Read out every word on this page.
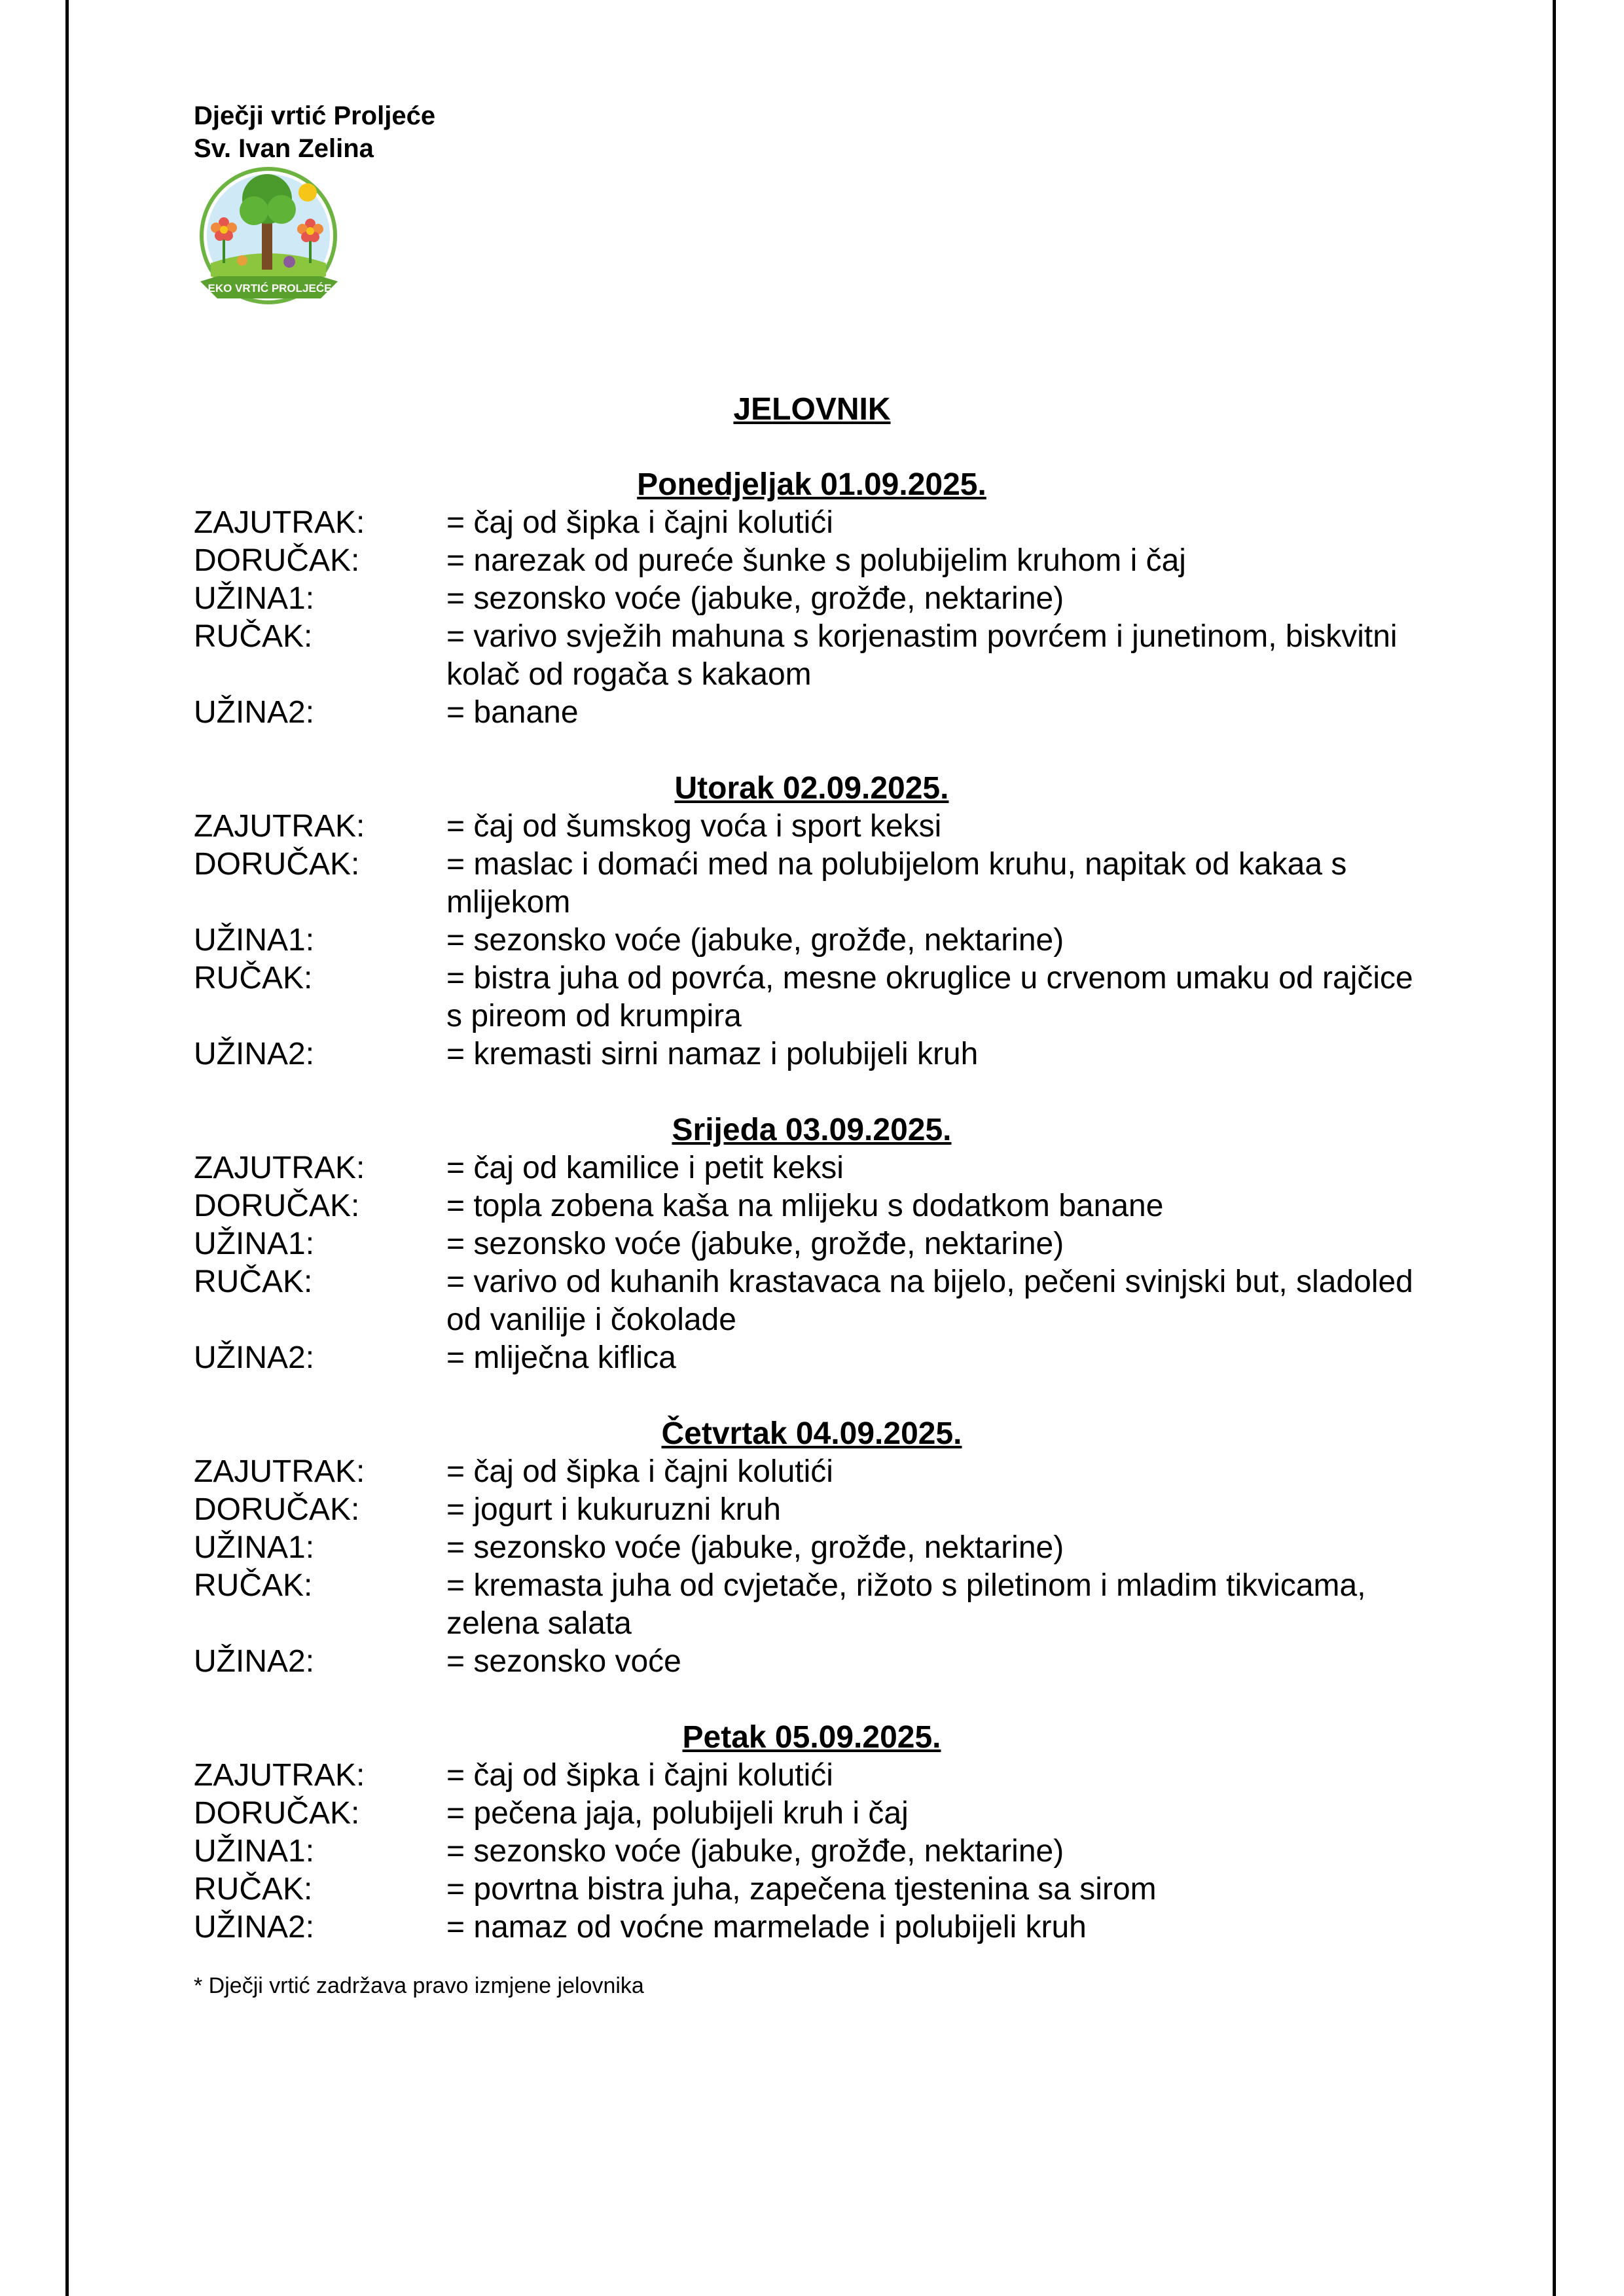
Dječji vrtić Proljeće
Sv. Ivan Zelina
EKO VRTIĆ PROLJEĆE
JELOVNIK
Ponedjeljak 01.09.2025.
ZAJUTRAK:	= čaj od šipka i čajni kolutići
DORUČAK:	= narezak od pureće šunke s polubijelim kruhom i čaj
UŽINA1:	= sezonsko voće (jabuke, grožđe, nektarine)
RUČAK:	= varivo svježih mahuna s korjenastim povrćem i junetinom, biskvitni kolač od rogača s kakaom
UŽINA2:	= banane
Utorak 02.09.2025.
ZAJUTRAK:	= čaj od šumskog voća i sport keksi
DORUČAK:	= maslac i domaći med na polubijelom kruhu, napitak od kakaa s mlijekom
UŽINA1:	= sezonsko voće (jabuke, grožđe, nektarine)
RUČAK:	= bistra juha od povrća, mesne okruglice u crvenom umaku od rajčice s pireom od krumpira
UŽINA2:	= kremasti sirni namaz i polubijeli kruh
Srijeda 03.09.2025.
ZAJUTRAK:	= čaj od kamilice i petit keksi
DORUČAK:	= topla zobena kaša na mlijeku s dodatkom banane
UŽINA1:	= sezonsko voće (jabuke, grožđe, nektarine)
RUČAK:	= varivo od kuhanih krastavaca na bijelo, pečeni svinjski but, sladoled od vanilije i čokolade
UŽINA2:	= mliječna kiflica
Četvrtak 04.09.2025.
ZAJUTRAK:	= čaj od šipka i čajni kolutići
DORUČAK:	= jogurt i kukuruzni kruh
UŽINA1:	= sezonsko voće (jabuke, grožđe, nektarine)
RUČAK:	= kremasta juha od cvjetače, rižoto s piletinom i mladim tikvicama, zelena salata
UŽINA2:	= sezonsko voće
Petak 05.09.2025.
ZAJUTRAK:	= čaj od šipka i čajni kolutići
DORUČAK:	= pečena jaja, polubijeli kruh i čaj
UŽINA1:	= sezonsko voće (jabuke, grožđe, nektarine)
RUČAK:	= povrtna bistra juha, zapečena tjestenina sa sirom
UŽINA2:	= namaz od voćne marmelade i polubijeli kruh
* Dječji vrtić zadržava pravo izmjene jelovnika
